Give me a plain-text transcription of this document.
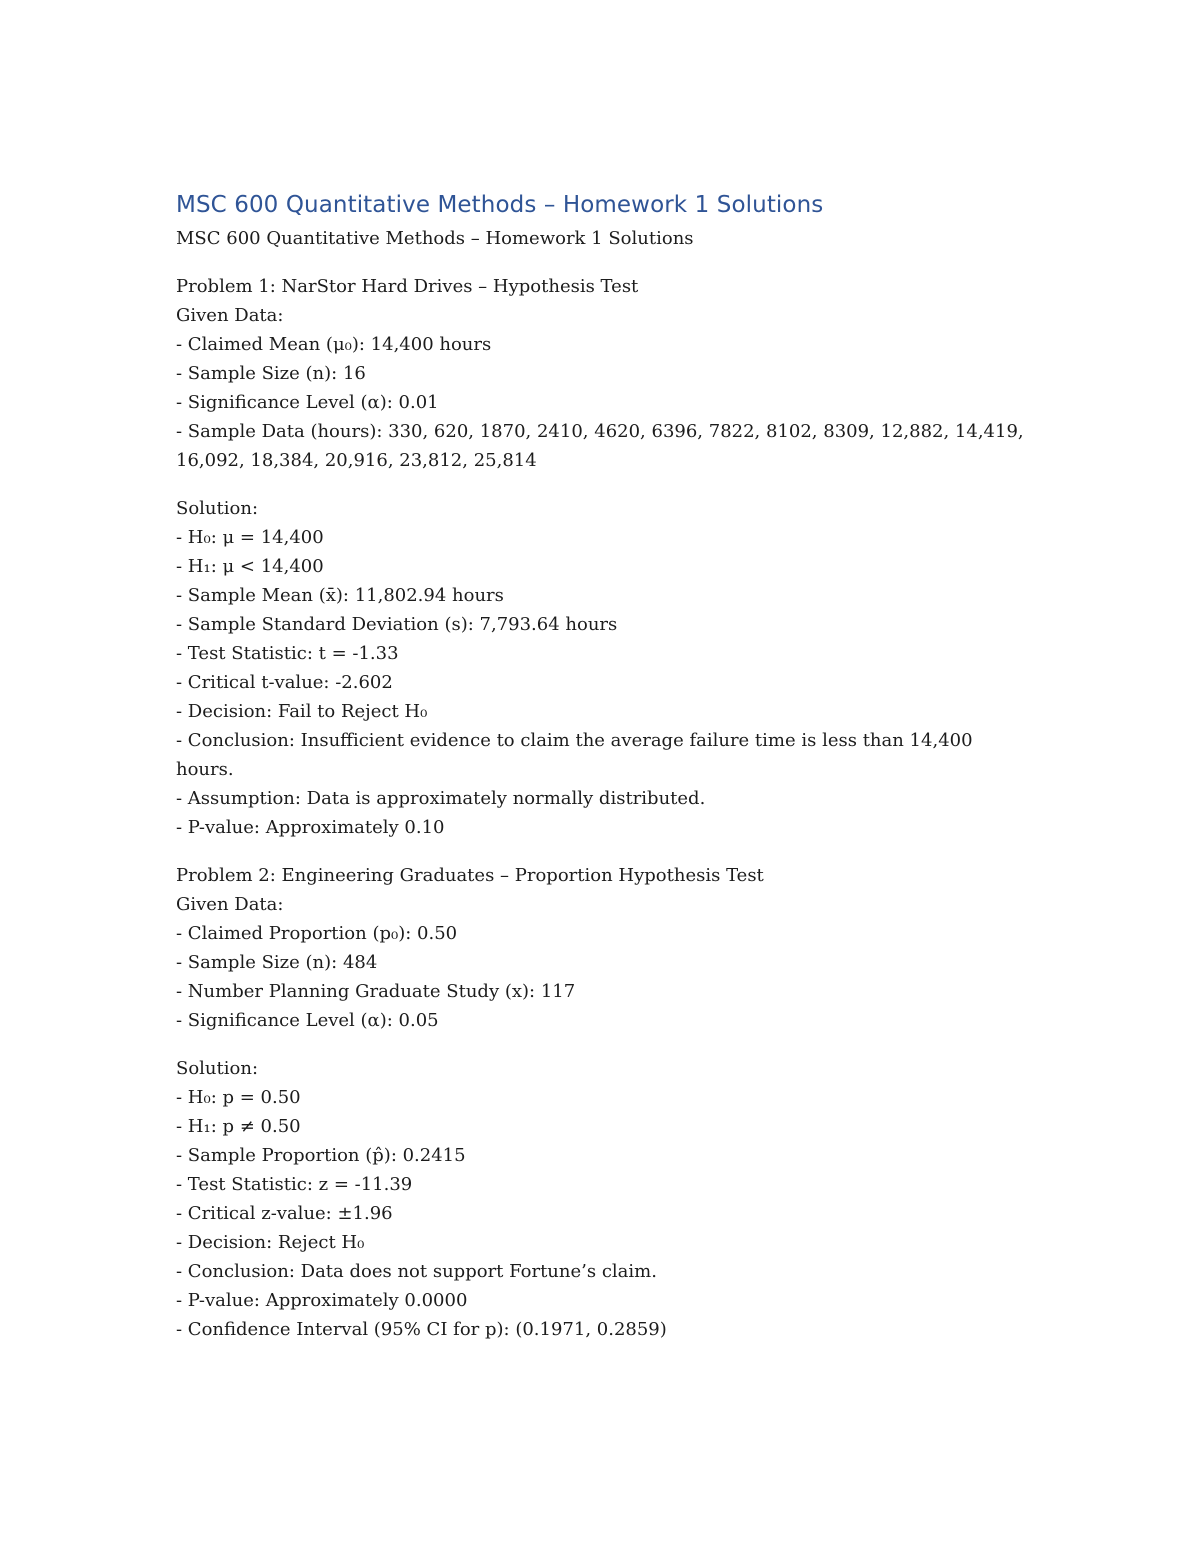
MSC 600 Quantitative Methods – Homework 1 Solutions
MSC 600 Quantitative Methods – Homework 1 Solutions
Problem 1: NarStor Hard Drives – Hypothesis Test
Given Data:
- Claimed Mean (μ₀): 14,400 hours
- Sample Size (n): 16
- Significance Level (α): 0.01
- Sample Data (hours): 330, 620, 1870, 2410, 4620, 6396, 7822, 8102, 8309, 12,882, 14,419,
16,092, 18,384, 20,916, 23,812, 25,814
Solution:
- H₀: μ = 14,400
- H₁: μ < 14,400
- Sample Mean (x̄): 11,802.94 hours
- Sample Standard Deviation (s): 7,793.64 hours
- Test Statistic: t = -1.33
- Critical t-value: -2.602
- Decision: Fail to Reject H₀
- Conclusion: Insufficient evidence to claim the average failure time is less than 14,400
hours.
- Assumption: Data is approximately normally distributed.
- P-value: Approximately 0.10
Problem 2: Engineering Graduates – Proportion Hypothesis Test
Given Data:
- Claimed Proportion (p₀): 0.50
- Sample Size (n): 484
- Number Planning Graduate Study (x): 117
- Significance Level (α): 0.05
Solution:
- H₀: p = 0.50
- H₁: p ≠ 0.50
- Sample Proportion (p̂): 0.2415
- Test Statistic: z = -11.39
- Critical z-value: ±1.96
- Decision: Reject H₀
- Conclusion: Data does not support Fortune’s claim.
- P-value: Approximately 0.0000
- Confidence Interval (95% CI for p): (0.1971, 0.2859)
